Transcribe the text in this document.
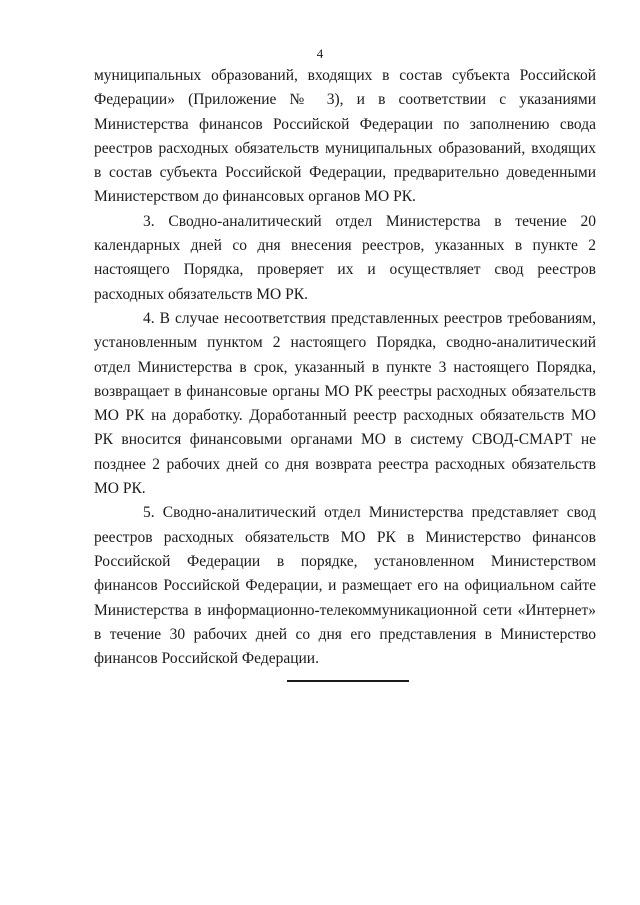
4

муниципальных образований, входящих в состав субъекта Российской Федерации» (Приложение № 3), и в соответствии с указаниями Министерства финансов Российской Федерации по заполнению свода реестров расходных обязательств муниципальных образований, входящих в состав субъекта Российской Федерации, предварительно доведенными Министерством до финансовых органов МО РК.

3. Сводно-аналитический отдел Министерства в течение 20 календарных дней со дня внесения реестров, указанных в пункте 2 настоящего Порядка, проверяет их и осуществляет свод реестров расходных обязательств МО РК.

4. В случае несоответствия представленных реестров требованиям, установленным пунктом 2 настоящего Порядка, сводно-аналитический отдел Министерства в срок, указанный в пункте 3 настоящего Порядка, возвращает в финансовые органы МО РК реестры расходных обязательств МО РК на доработку. Доработанный реестр расходных обязательств МО РК вносится финансовыми органами МО в систему СВОД-СМАРТ не позднее 2 рабочих дней со дня возврата реестра расходных обязательств МО РК.

5. Сводно-аналитический отдел Министерства представляет свод реестров расходных обязательств МО РК в Министерство финансов Российской Федерации в порядке, установленном Министерством финансов Российской Федерации, и размещает его на официальном сайте Министерства в информационно-телекоммуникационной сети «Интернет» в течение 30 рабочих дней со дня его представления в Министерство финансов Российской Федерации.
